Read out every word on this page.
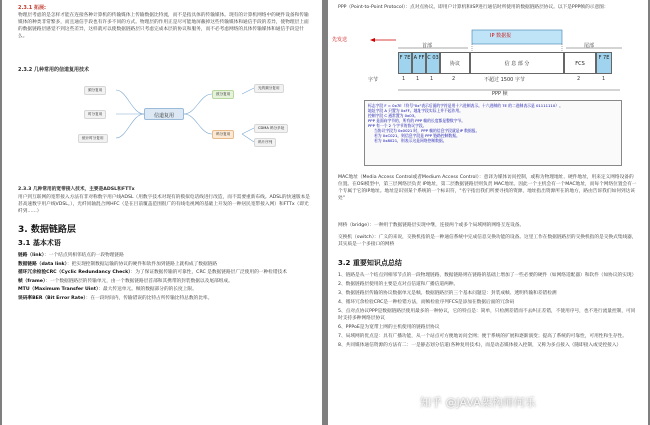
2.3.1 拓展:
物理层考虑的是怎样才能在连接各种计算机的传输媒体上传输数据比特流，而不是指具体的传输媒体。现有的计算机网络中的硬件设备和传输媒体的种类非常繁多，而且通信手段也有许多不同的方式。物理层的作用正是尽可能地屏蔽掉这些传输媒体和通信手段的差异，使物理层上面的数据链路层感觉不到这些差异，这样就可以使数据链路层只考虑完成本层的协议和服务，而不必考虑网络的具体传输媒体和通信手段是什么。
2.3.2 几种常用的信道复用技术
信道复用
频分复用
时分复用
统计时分复用
波分复用
码分复用
光的频分复用
CDMA 码分多址
码片序列
2.3.3 几种常用的宽带接入技术，主要是ADSL和FTTx
用户到互联网的宽带接入方法有非对称数字用户线ADSL（用数字技术对现有的模拟电话线进行改造，而不需要重新布线。ADSL的快速版本是甚高速数字用户线VDSL。），光纤同轴混合网HFC（是在目前覆盖范围很广的有线电视网的基础上开发的一种居民宽带接入网）和FTTx（即光纤到……）
3. 数据链路层
3.1 基本术语

链路（link）：一个结点到相邻结点的一段物理链路

数据链路（data link）：把实现控制数据运输的协议的硬件和软件加到链路上就构成了数据链路

循环冗余检验CRC（Cyclic Redundancy Check）：为了保证数据传输的可靠性，CRC 是数据链路层广泛使用的一种检错技术

帧（frame）：一个数据链路层的传输单元，由一个数据链路层首部和其携带的封装数据以及尾部组成。

MTU（Maximum Transfer Uint）：最大传送单元。帧的数据部分的的长度上限。

误码率BER（Bit Error Rate）：在一段时间内，传输错误的比特占所传输比特总数的比率。

PPP（Point-to-Point Protocol）：点对点协议。即用户计算机和ISP进行通信时所使用的数据链路层协议。以下是PPP帧的示意图：
先发送
IP 数据报
首部	尾部
F 7E A FF C 03
协议	信 息 部 分	FCS
F 7E
字节	1 1 1	2	不超过 1500 字节	2	1
PPP 帧
标志字段 F = 0x7E（符号"0x"表示后面的字符是用十六进制表示。十六进制的 7E 的二进制表示是 01111110）。
地址字段 A 只置为 0xFF。地址字段实际上并不起作用。
控制字段 C 通常置为 0x03。
PPP 是面向字节的，所有的 PPP 帧的长度都是整数字节。
PPP 有一个 2 个字节的协议字段。
当协议字段为 0x0021 时，PPP 帧的信息字段就是IP 数据报。
若为 0xC021，则信息字段是 PPP 链路控制数据。
若为 0x8021，则表示这是网络控制数据。
MAC地址（Media Access Control或者Medium Access Control）：意译为媒体访问控制，或称为物理地址、硬件地址，用来定义网络设备的位置。在OSI模型中，第三层网络层负责 IP地址，第二层数据链路层则负责 MAC地址。因此一个主机会有一个MAC地址，而每个网络位置会有一个专属于它的IP地址。地址是识别某个系统的一个标识符，"名字指出我们所要寻找的资源，地址指出资源所在的地方，路由告诉我们如何到达该处"
网桥（bridge）：一种用于数据链路层实现中继，连接两个或多个局域网的网络互连设备。
交换机（switch）：广义的来说，交换机指的是一种通信系统中完成信息交换功能的设备。这里工作在数据链路层的交换机指的是交换式集线器，其实质是一个多接口的网桥
3.2 重要知识点总结
1、链路是从一个结点到相邻节点的一段物理链路，数据链路则在链路的基础上增加了一些必要的硬件（如网络适配器）和软件（如协议的实现）
2、数据链路层使用的主要是点对点信道和广播信道两种。
3、数据链路层传输的协议数据单元是帧。数据链路层的三个基本问题是：封装成帧、透明传输和差错检测
4、循环冗余检验CRC是一种检错方法，而帧检验序列FCS是添加在数据后面的冗余码
5、点对点协议PPP是数据链路层使用最多的一种协议，它的特点是：简单，只检测差错而不去纠正差错，不使用序号，也不进行流量控制，可同时支持多种网络层协议
6、PPPoE是为宽带上网的主机使用的链路层协议
7、局域网的优点是：具有广播功能，从一个站点可方便地访问全网；便于系统的扩展和逐渐演变；提高了系统的可靠性，可用性和生存性。
8、共同媒体通信资源的方法有二：一是静态划分信道(各种复用技术)，而是动态媒体接入控制，又称为多点接入（随即接入或受控接入）
知乎 @JAVA架构师何乐
